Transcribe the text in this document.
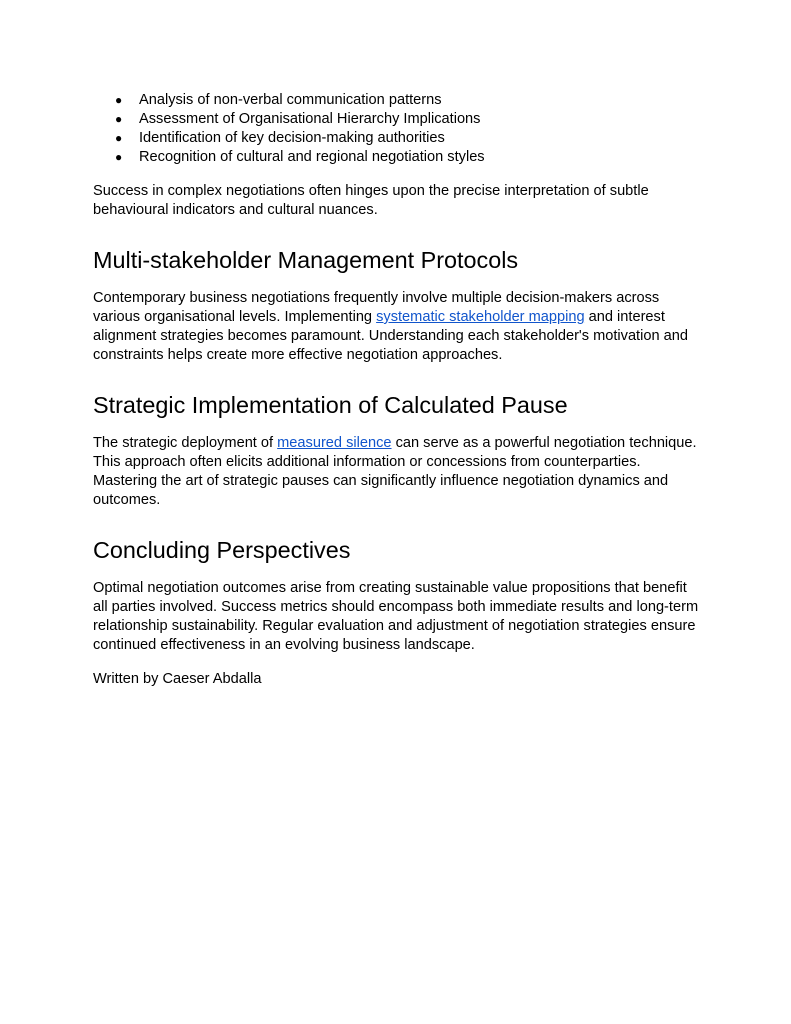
● Analysis of non-verbal communication patterns
● Assessment of Organisational Hierarchy Implications
● Identification of key decision-making authorities
● Recognition of cultural and regional negotiation styles

Success in complex negotiations often hinges upon the precise interpretation of subtle behavioural indicators and cultural nuances.

Multi-stakeholder Management Protocols

Contemporary business negotiations frequently involve multiple decision-makers across various organisational levels. Implementing systematic stakeholder mapping and interest alignment strategies becomes paramount. Understanding each stakeholder's motivation and constraints helps create more effective negotiation approaches.

Strategic Implementation of Calculated Pause

The strategic deployment of measured silence can serve as a powerful negotiation technique. This approach often elicits additional information or concessions from counterparties. Mastering the art of strategic pauses can significantly influence negotiation dynamics and outcomes.

Concluding Perspectives

Optimal negotiation outcomes arise from creating sustainable value propositions that benefit all parties involved. Success metrics should encompass both immediate results and long-term relationship sustainability. Regular evaluation and adjustment of negotiation strategies ensure continued effectiveness in an evolving business landscape.

Written by Caeser Abdalla
